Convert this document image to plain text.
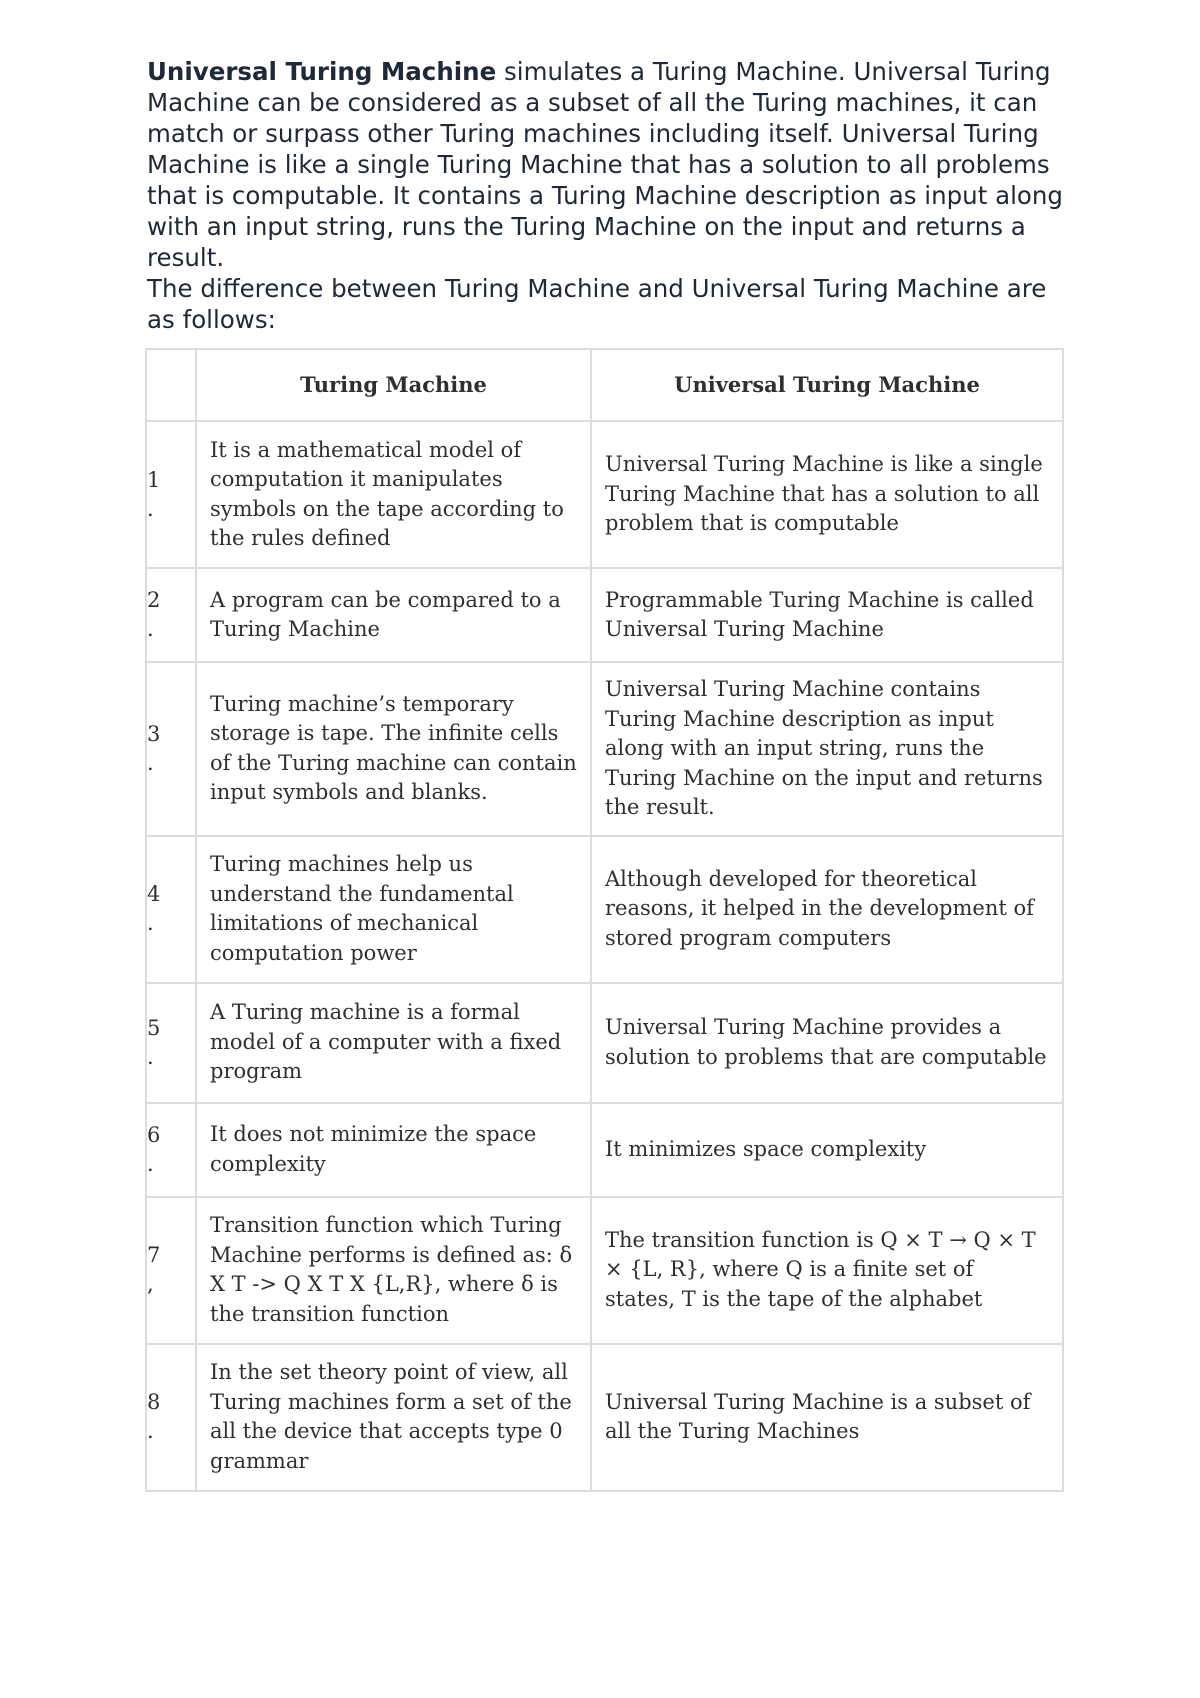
Universal Turing Machine simulates a Turing Machine. Universal Turing Machine can be considered as a subset of all the Turing machines, it can match or surpass other Turing machines including itself. Universal Turing Machine is like a single Turing Machine that has a solution to all problems that is computable. It contains a Turing Machine description as input along with an input string, runs the Turing Machine on the input and returns a result.

The difference between Turing Machine and Universal Turing Machine are as follows:

	Turing Machine	Universal Turing Machine

1
.	It is a mathematical model of computation it manipulates symbols on the tape according to the rules defined	Universal Turing Machine is like a single Turing Machine that has a solution to all problem that is computable

2
.	A program can be compared to a Turing Machine	Programmable Turing Machine is called Universal Turing Machine

3
.	Turing machine’s temporary storage is tape. The infinite cells of the Turing machine can contain input symbols and blanks.	Universal Turing Machine contains Turing Machine description as input along with an input string, runs the Turing Machine on the input and returns the result.

4
.	Turing machines help us understand the fundamental limitations of mechanical computation power	Although developed for theoretical reasons, it helped in the development of stored program computers

5
.	A Turing machine is a formal model of a computer with a fixed program	Universal Turing Machine provides a solution to problems that are computable

6
.	It does not minimize the space complexity	It minimizes space complexity

7
,	Transition function which Turing Machine performs is defined as: δ X T -> Q X T X {L,R}, where δ is the transition function	The transition function is Q × T → Q × T × {L, R}, where Q is a finite set of states, T is the tape of the alphabet

8
.	In the set theory point of view, all Turing machines form a set of the all the device that accepts type 0 grammar	Universal Turing Machine is a subset of all the Turing Machines
